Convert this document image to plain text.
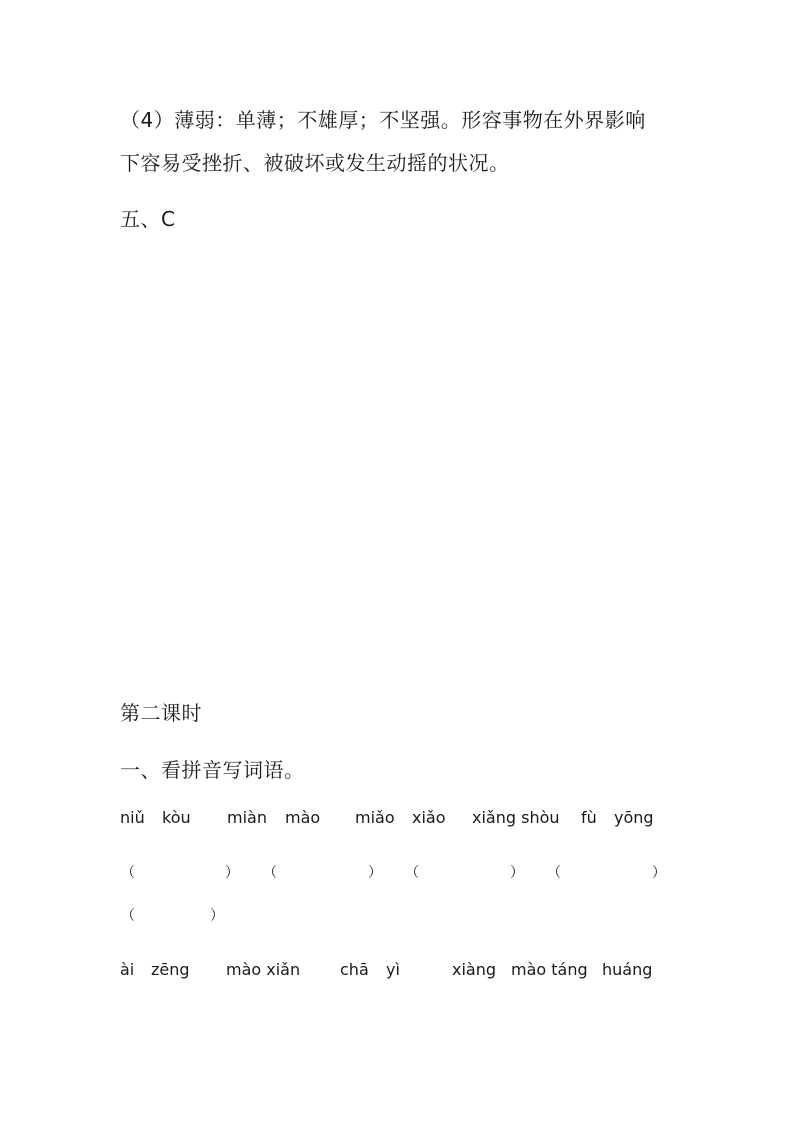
（4）薄弱：单薄；不雄厚；不坚强。形容事物在外界影响
下容易受挫折、被破坏或发生动摇的状况。
五、C
第二课时
一、看拼音写词语。
niǔ kòu miàn mào miǎo xiǎo xiǎng shòu fù yōng
（	） （	） （	） （	）
（	）
ài zēng mào xiǎn chā yì	xiàng mào táng huáng
